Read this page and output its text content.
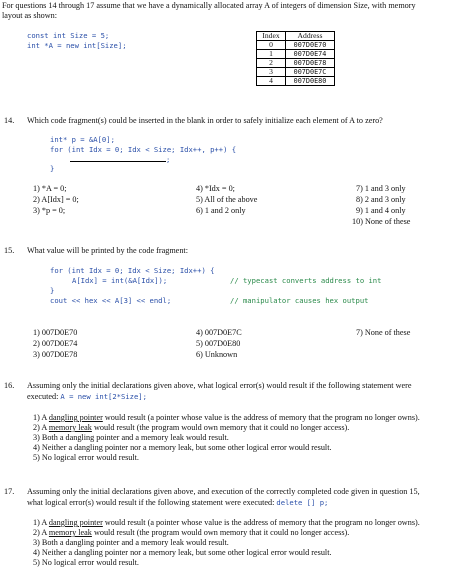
For questions 14 through 17 assume that we have a dynamically allocated array A of integers of dimension Size, with memory
layout as shown:
const int Size = 5;
int *A = new int[Size];
Index	Address
0	007D0E70
1	007D0E74
2	007D0E78
3	007D0E7C
4	007D0E80
14. Which code fragment(s) could be inserted in the blank in order to safely initialize each element of A to zero?
int* p = &A[0];
for (int Idx = 0; Idx < Size; Idx++, p++) {
;
}
1) *A = 0;
2) A[Idx] = 0;
3) *p = 0;
4) *Idx = 0;
5) All of the above
6) 1 and 2 only
7) 1 and 3 only
8) 2 and 3 only
9) 1 and 4 only
10) None of these
15. What value will be printed by the code fragment:
for (int Idx = 0; Idx < Size; Idx++) {
A[Idx] = int(&A[Idx]);	// typecast converts address to int
}
cout << hex << A[3] << endl;	// manipulator causes hex output
1) 007D0E70
2) 007D0E74
3) 007D0E78
4) 007D0E7C
5) 007D0E80
6) Unknown
7) None of these
16. Assuming only the initial declarations given above, what logical error(s) would result if the following statement were
executed: A = new int[2*Size];
1) A dangling pointer would result (a pointer whose value is the address of memory that the program no longer owns).
2) A memory leak would result (the program would own memory that it could no longer access).
3) Both a dangling pointer and a memory leak would result.
4) Neither a dangling pointer nor a memory leak, but some other logical error would result.
5) No logical error would result.
17. Assuming only the initial declarations given above, and execution of the correctly completed code given in question 15,
what logical error(s) would result if the following statement were executed: delete [] p;
1) A dangling pointer would result (a pointer whose value is the address of memory that the program no longer owns).
2) A memory leak would result (the program would own memory that it could no longer access).
3) Both a dangling pointer and a memory leak would result.
4) Neither a dangling pointer nor a memory leak, but some other logical error would result.
5) No logical error would result.
